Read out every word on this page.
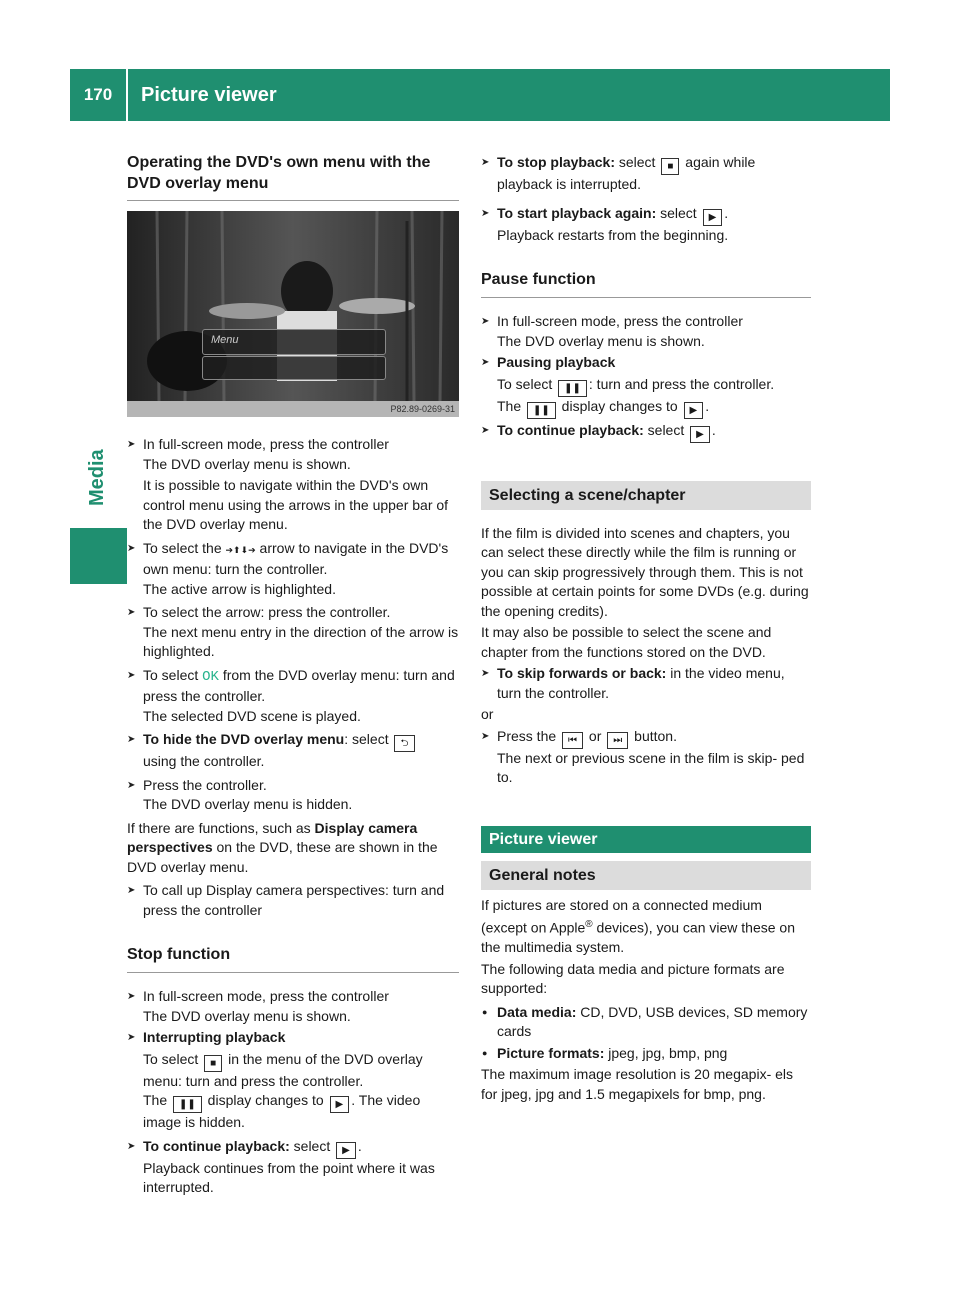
170	Picture viewer
Media
Operating the DVD's own menu with the DVD overlay menu
Menu
P82.89-0269-31

➤ In full-screen mode, press the controller
The DVD overlay menu is shown.

It is possible to navigate within the DVD's own control menu using the arrows in the upper bar of the DVD overlay menu.

➤ To select the ➔⬆⬇➔ arrow to navigate in the DVD's own menu: turn the controller.
The active arrow is highlighted.

➤ To select the arrow: press the controller.
The next menu entry in the direction of the arrow is highlighted.

➤ To select OK from the DVD overlay menu: turn and press the controller.
The selected DVD scene is played.

➤ To hide the DVD overlay menu: select ⮌
using the controller.

➤ Press the controller.
The DVD overlay menu is hidden.

If there are functions, such as Display camera perspectives on the DVD, these are shown in the DVD overlay menu.

➤ To call up Display camera perspectives: turn and press the controller

Stop function

➤ In full-screen mode, press the controller
The DVD overlay menu is shown.

➤ Interrupting playback

To select ■ in the menu of the DVD overlay menu: turn and press the controller.
The ❚❚ display changes to ▶ . The video image is hidden.

➤ To continue playback: select ▶ .
Playback continues from the point where it was interrupted.

➤ To stop playback: select ■ again while playback is interrupted.

➤ To start playback again: select ▶ .
Playback restarts from the beginning.

Pause function

➤ In full-screen mode, press the controller
The DVD overlay menu is shown.

➤ Pausing playback

To select ❚❚ : turn and press the controller.
The ❚❚ display changes to ▶ .

➤ To continue playback: select ▶ .

Selecting a scene/chapter

If the film is divided into scenes and chapters, you can select these directly while the film is running or you can skip progressively through them. This is not possible at certain points for some DVDs (e.g. during the opening credits).

It may also be possible to select the scene and chapter from the functions stored on the DVD.

➤ To skip forwards or back: in the video menu, turn the controller.

or

➤ Press the ⏮ or ⏭ button.
The next or previous scene in the film is skip- ped to.

Picture viewer
General notes

If pictures are stored on a connected medium (except on Apple® devices), you can view these on the multimedia system.

The following data media and picture formats are supported:

● Data media: CD, DVD, USB devices, SD memory cards

● Picture formats: jpeg, jpg, bmp, png

The maximum image resolution is 20 megapix- els for jpeg, jpg and 1.5 megapixels for bmp, png.
